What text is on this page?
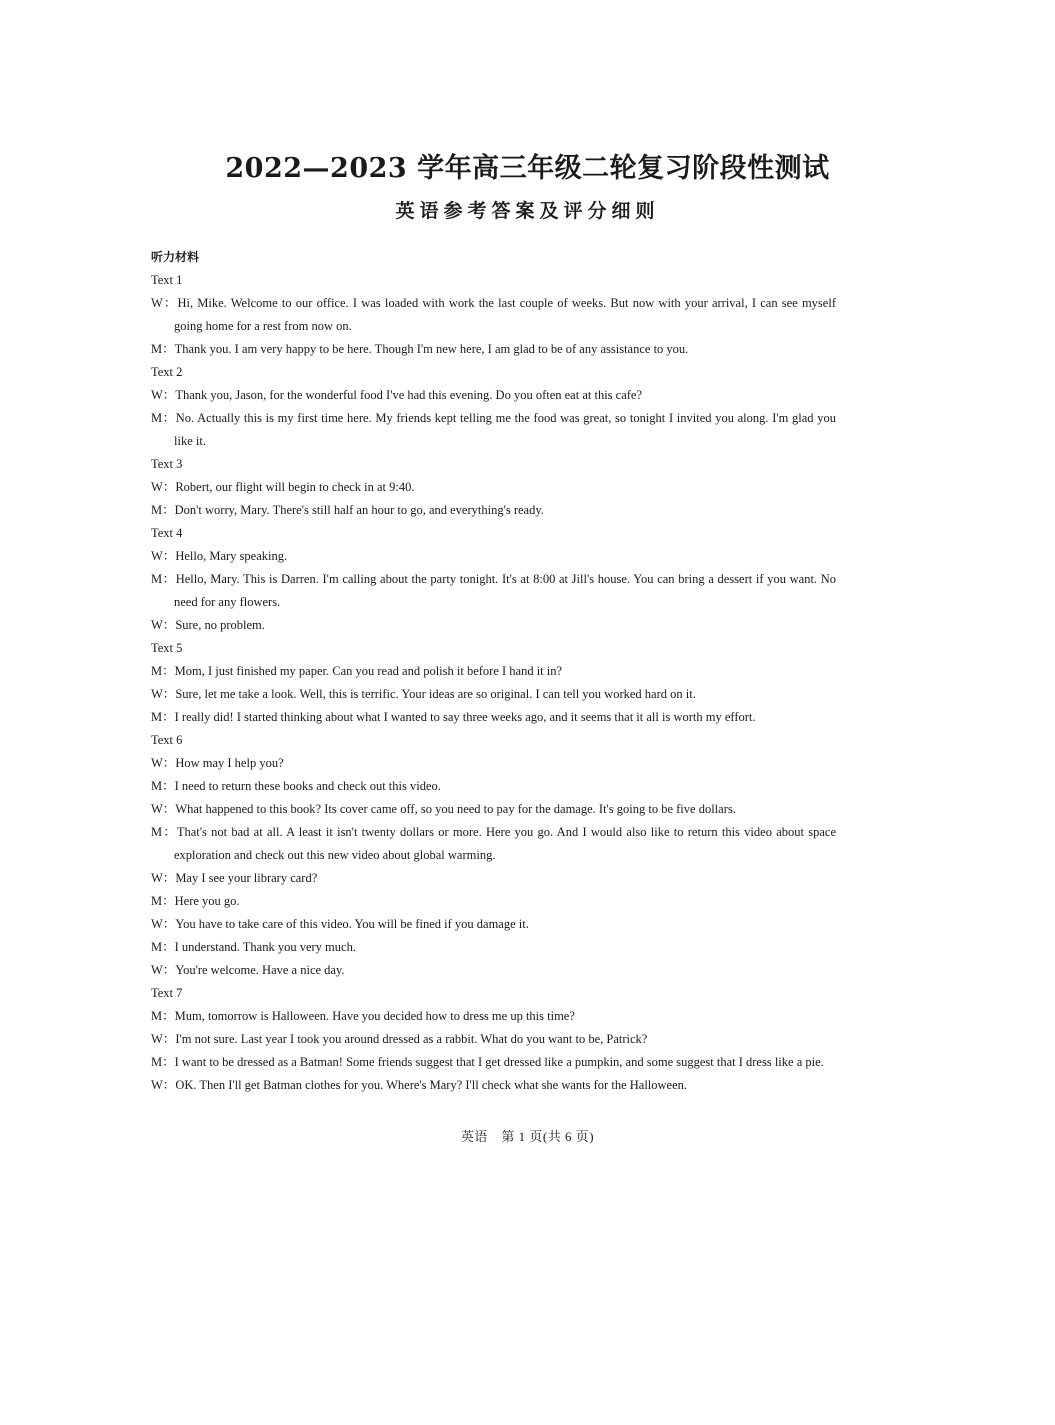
2022—2023 学年高三年级二轮复习阶段性测试
英语参考答案及评分细则
听力材料
Text 1
W：Hi, Mike. Welcome to our office. I was loaded with work the last couple of weeks. But now with your arrival, I can see myself going home for a rest from now on.
M：Thank you. I am very happy to be here. Though I'm new here, I am glad to be of any assistance to you.
Text 2
W：Thank you, Jason, for the wonderful food I've had this evening. Do you often eat at this cafe?
M：No. Actually this is my first time here. My friends kept telling me the food was great, so tonight I invited you along. I'm glad you like it.
Text 3
W：Robert, our flight will begin to check in at 9:40.
M：Don't worry, Mary. There's still half an hour to go, and everything's ready.
Text 4
W：Hello, Mary speaking.
M：Hello, Mary. This is Darren. I'm calling about the party tonight. It's at 8:00 at Jill's house. You can bring a dessert if you want. No need for any flowers.
W：Sure, no problem.
Text 5
M：Mom, I just finished my paper. Can you read and polish it before I hand it in?
W：Sure, let me take a look. Well, this is terrific. Your ideas are so original. I can tell you worked hard on it.
M：I really did! I started thinking about what I wanted to say three weeks ago, and it seems that it all is worth my effort.
Text 6
W：How may I help you?
M：I need to return these books and check out this video.
W：What happened to this book? Its cover came off, so you need to pay for the damage. It's going to be five dollars.
M：That's not bad at all. A least it isn't twenty dollars or more. Here you go. And I would also like to return this video about space exploration and check out this new video about global warming.
W：May I see your library card?
M：Here you go.
W：You have to take care of this video. You will be fined if you damage it.
M：I understand. Thank you very much.
W：You're welcome. Have a nice day.
Text 7
M：Mum, tomorrow is Halloween. Have you decided how to dress me up this time?
W：I'm not sure. Last year I took you around dressed as a rabbit. What do you want to be, Patrick?
M：I want to be dressed as a Batman! Some friends suggest that I get dressed like a pumpkin, and some suggest that I dress like a pie.
W：OK. Then I'll get Batman clothes for you. Where's Mary? I'll check what she wants for the Halloween.
英语　第 1 页(共 6 页)
